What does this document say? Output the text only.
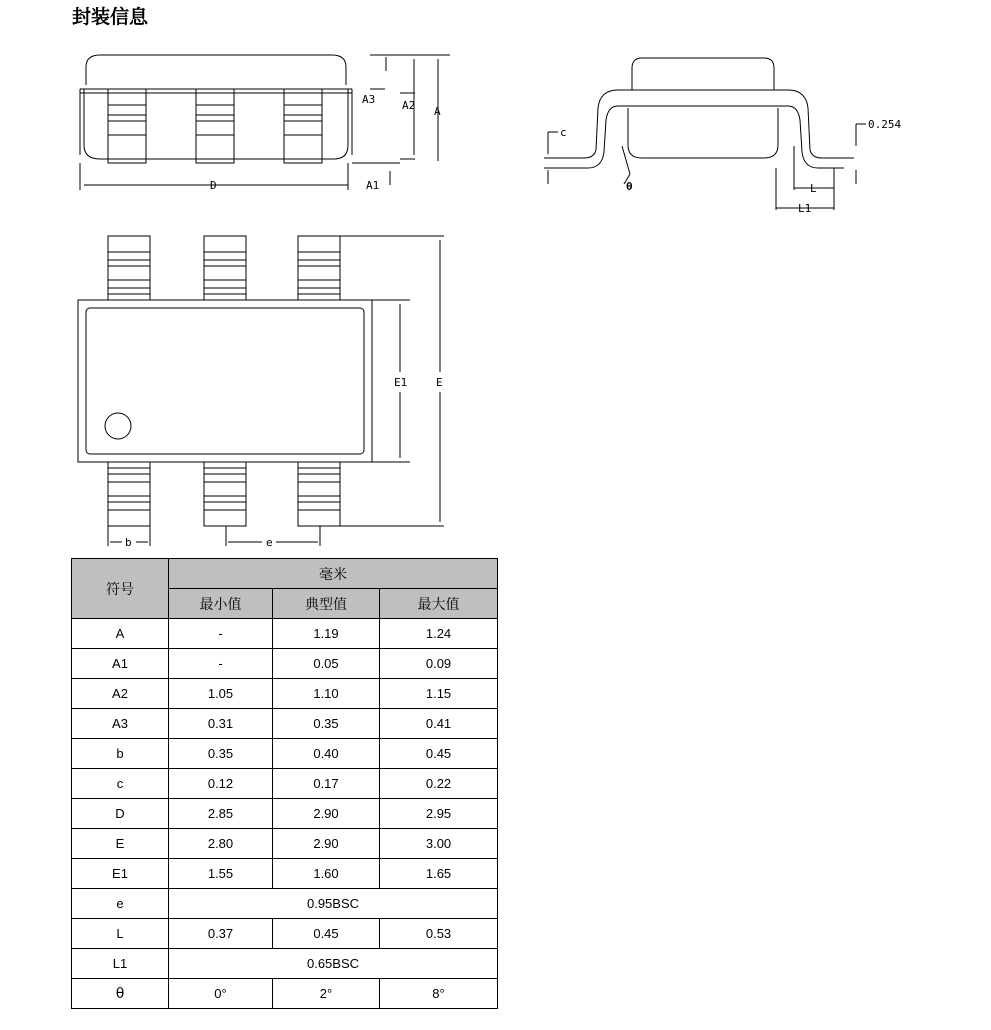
封装信息
A3 A2 A
A1
D
c
θ
0.254
L
L1
E1	E
b	e
符号	毫米		
	最小值	典型值	最大值
A	-	1.19	1.24
A1	-	0.05	0.09
A2	1.05	1.10	1.15
A3	0.31	0.35	0.41
b	0.35	0.40	0.45
c	0.12	0.17	0.22
D	2.85	2.90	2.95
E	2.80	2.90	3.00
E1	1.55	1.60	1.65
e	0.95BSC		
L	0.37	0.45	0.53
L1	0.65BSC		
θ	0°	2°	8°
